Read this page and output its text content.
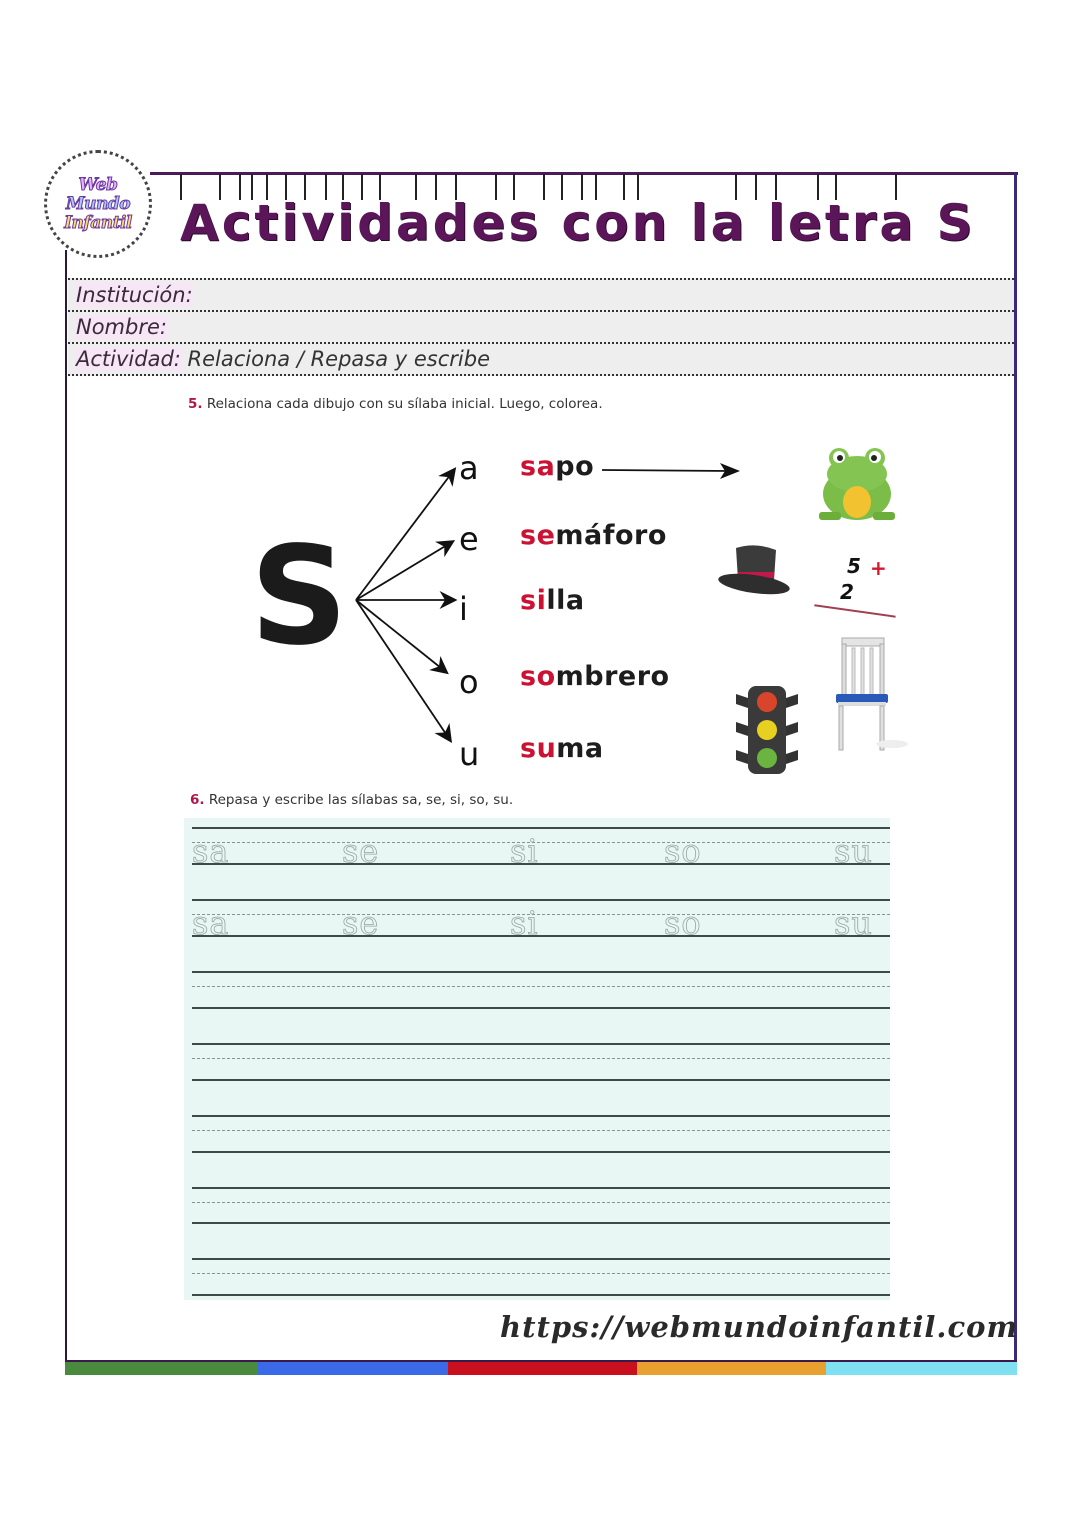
Web
Mundo
Infantil Actividades con la letra S
Institución:
Nombre:
Actividad: Relaciona / Repasa y escribe
5. Relaciona cada dibujo con su sílaba inicial. Luego, colorea.
S
a
e
i
o
u
sapo
semáforo
silla
sombrero
suma
5 +
2
6. Repasa y escribe las sílabas sa, se, si, so, su.
sa	se	si	so	su
sa	se	si	so	su
https://webmundoinfantil.com
